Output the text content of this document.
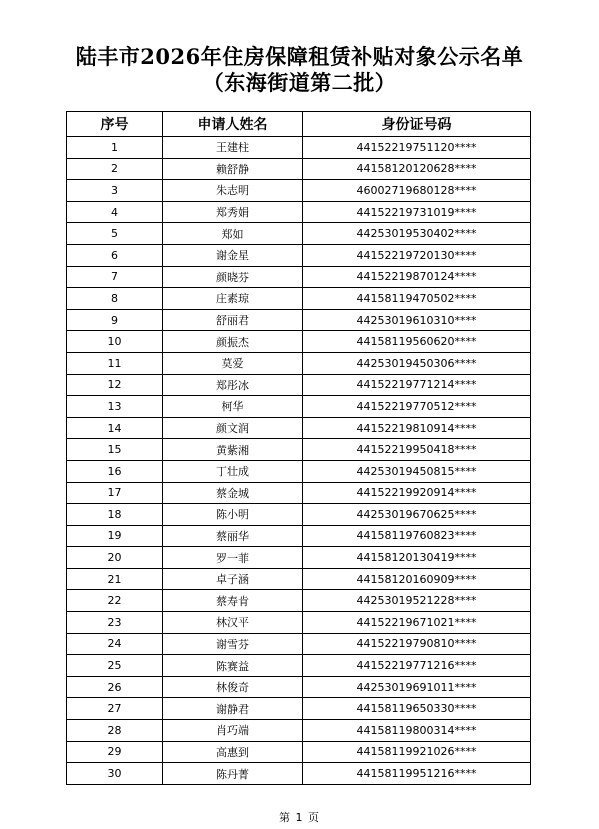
陆丰市2026年住房保障租赁补贴对象公示名单
（东海街道第二批）
序号	申请人姓名	身份证号码
1	王建柱	44152219751120****
2	赖舒静	44158120120628****
3	朱志明	46002719680128****
4	郑秀娟	44152219731019****
5	郑如	44253019530402****
6	谢金星	44152219720130****
7	颜晓芬	44152219870124****
8	庄素琼	44158119470502****
9	舒丽君	44253019610310****
10	颜振杰	44158119560620****
11	莫爱	44253019450306****
12	郑彤冰	44152219771214****
13	柯华	44152219770512****
14	颜文润	44152219810914****
15	黄紫湘	44152219950418****
16	丁壮成	44253019450815****
17	蔡金城	44152219920914****
18	陈小明	44253019670625****
19	蔡丽华	44158119760823****
20	罗一菲	44158120130419****
21	卓子涵	44158120160909****
22	蔡寿肯	44253019521228****
23	林汉平	44152219671021****
24	谢雪芬	44152219790810****
25	陈赛益	44152219771216****
26	林俊奇	44253019691011****
27	谢静君	44158119650330****
28	肖巧端	44158119800314****
29	高惠到	44158119921026****
30	陈丹菁	44158119951216****
第 1 页
